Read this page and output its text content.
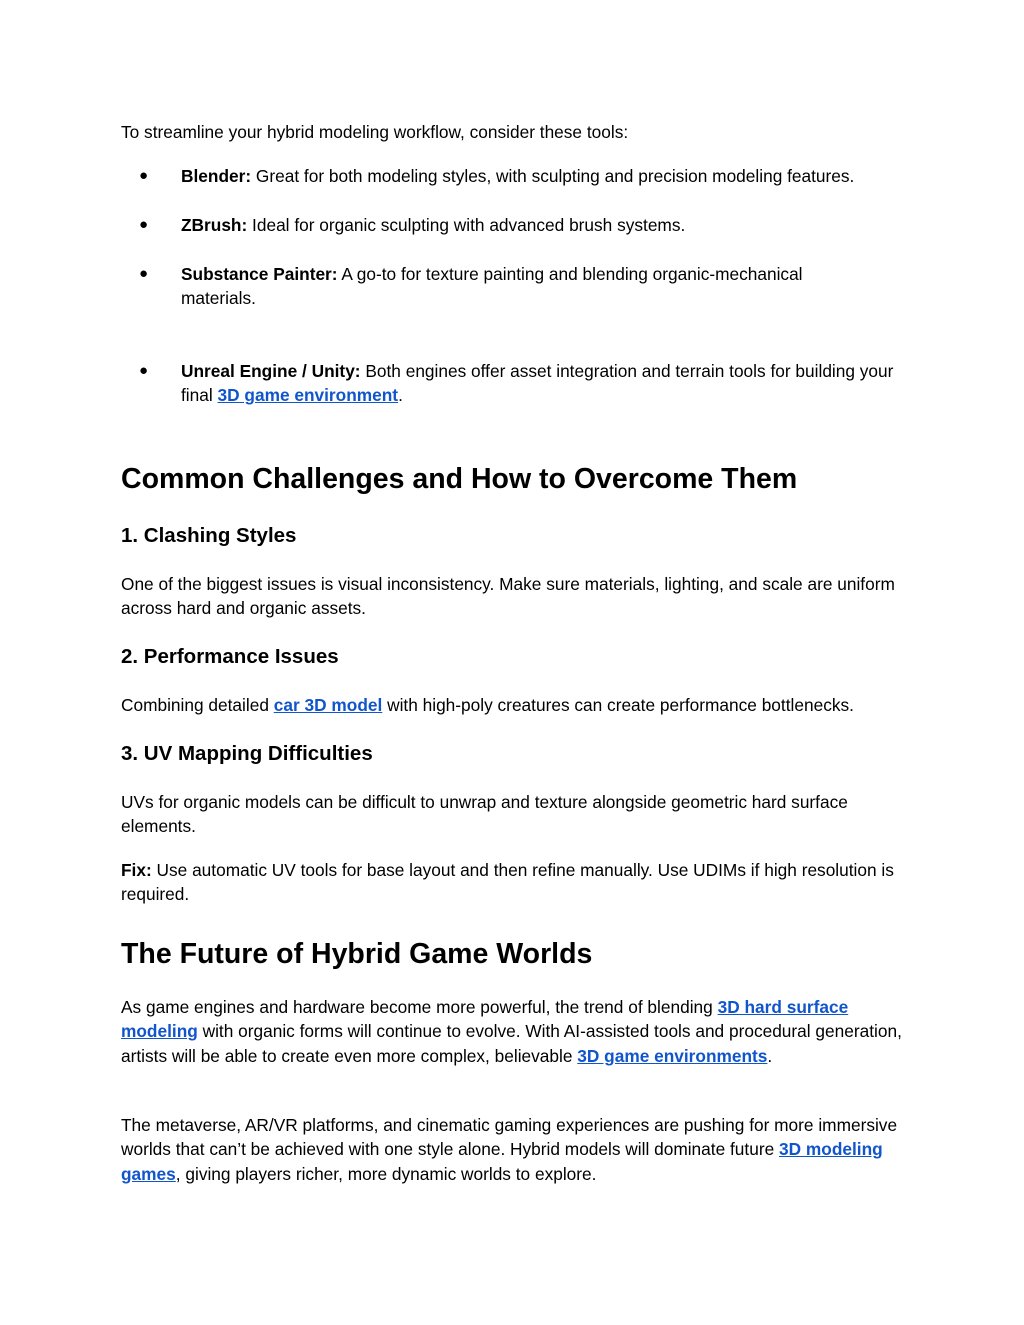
To streamline your hybrid modeling workflow, consider these tools:

● Blender: Great for both modeling styles, with sculpting and precision modeling features.
● ZBrush: Ideal for organic sculpting with advanced brush systems.
● Substance Painter: A go-to for texture painting and blending organic-mechanical materials.
● Unreal Engine / Unity: Both engines offer asset integration and terrain tools for building your final 3D game environment.
Common Challenges and How to Overcome Them
1. Clashing Styles

One of the biggest issues is visual inconsistency. Make sure materials, lighting, and scale are uniform across hard and organic assets.

2. Performance Issues

Combining detailed car 3D model with high-poly creatures can create performance bottlenecks.

3. UV Mapping Difficulties

UVs for organic models can be difficult to unwrap and texture alongside geometric hard surface elements.

Fix: Use automatic UV tools for base layout and then refine manually. Use UDIMs if high resolution is required.

The Future of Hybrid Game Worlds

As game engines and hardware become more powerful, the trend of blending 3D hard surface modeling with organic forms will continue to evolve. With AI-assisted tools and procedural generation, artists will be able to create even more complex, believable 3D game environments.

The metaverse, AR/VR platforms, and cinematic gaming experiences are pushing for more immersive worlds that can’t be achieved with one style alone. Hybrid models will dominate future 3D modeling games, giving players richer, more dynamic worlds to explore.
